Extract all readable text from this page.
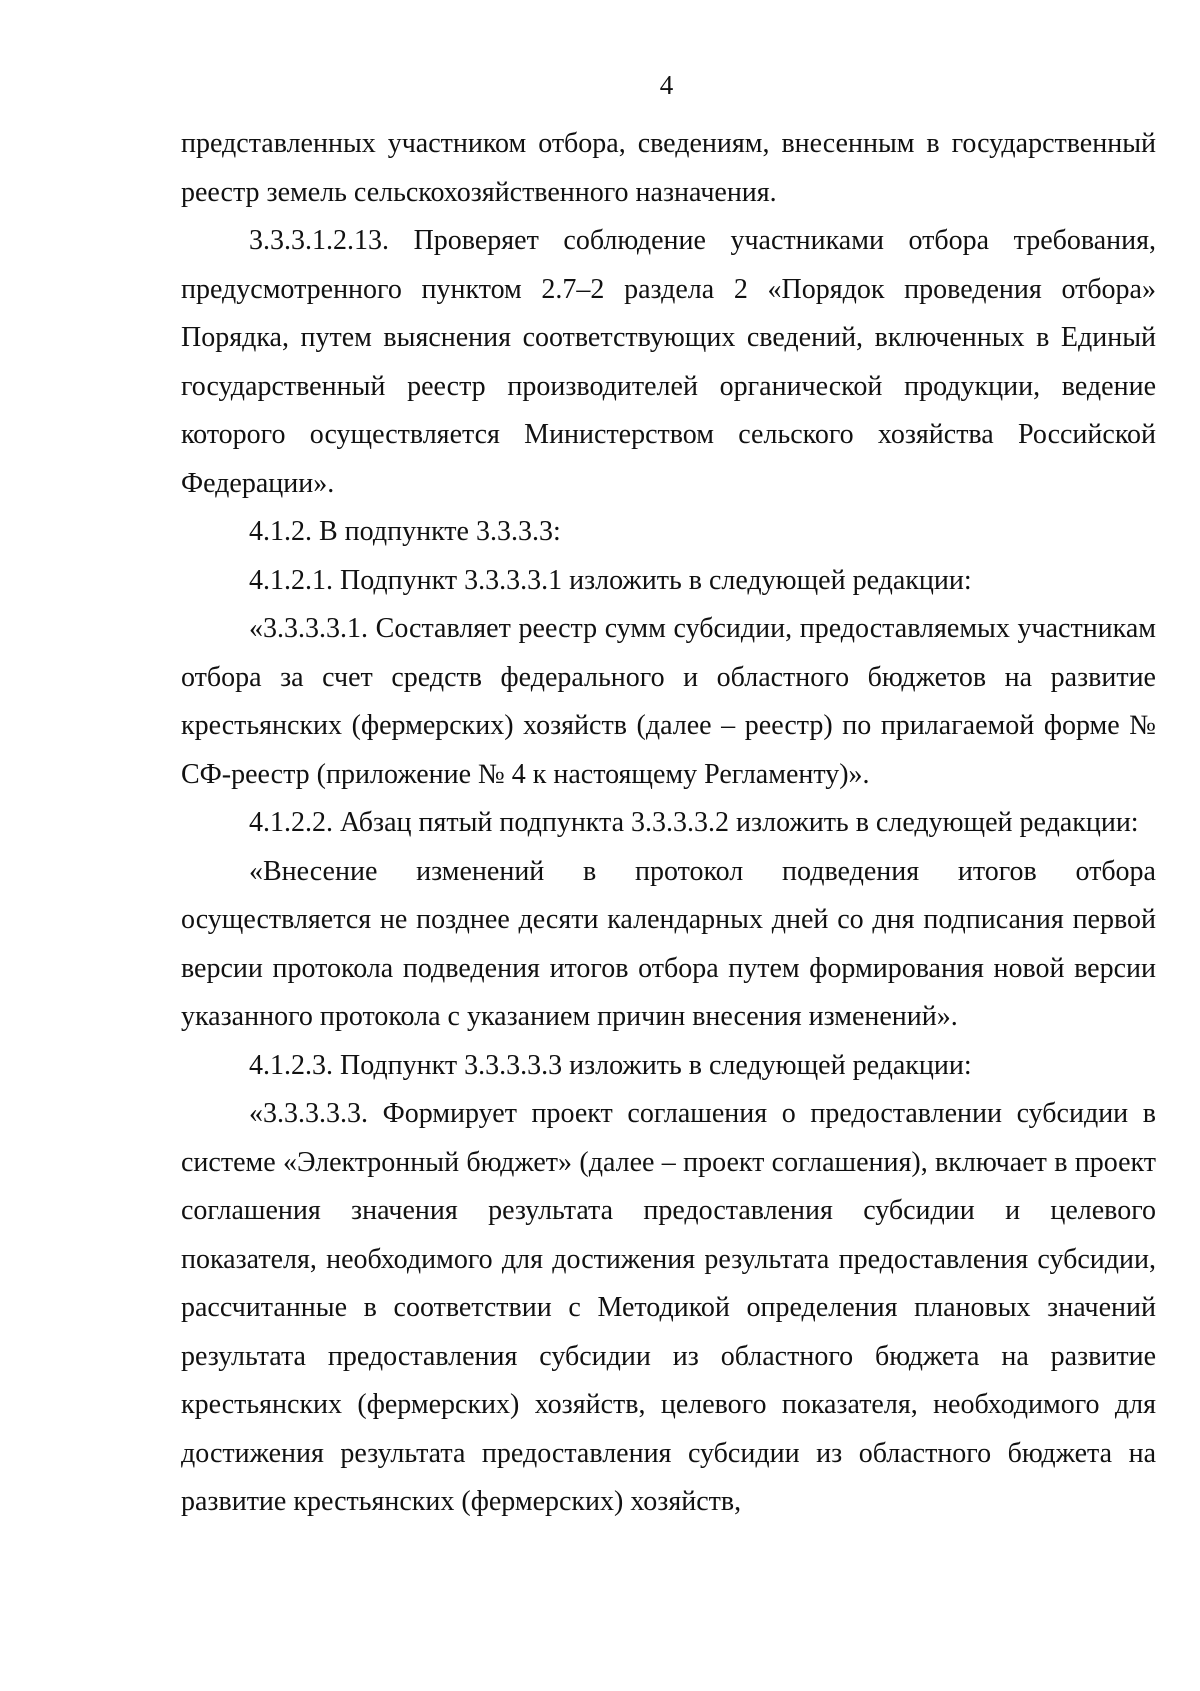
4

представленных участником отбора, сведениям, внесенным в государственный реестр земель сельскохозяйственного назначения.

3.3.3.1.2.13. Проверяет соблюдение участниками отбора требования, предусмотренного пунктом 2.7–2 раздела 2 «Порядок проведения отбора» Порядка, путем выяснения соответствующих сведений, включенных в Единый государственный реестр производителей органической продукции, ведение которого осуществляется Министерством сельского хозяйства Российской Федерации».

4.1.2. В подпункте 3.3.3.3:

4.1.2.1. Подпункт 3.3.3.3.1 изложить в следующей редакции:

«3.3.3.3.1. Составляет реестр сумм субсидии, предоставляемых участникам отбора за счет средств федерального и областного бюджетов на развитие крестьянских (фермерских) хозяйств (далее – реестр) по прилагаемой форме № СФ-реестр (приложение № 4 к настоящему Регламенту)».

4.1.2.2. Абзац пятый подпункта 3.3.3.3.2 изложить в следующей редакции:

«Внесение изменений в протокол подведения итогов отбора осуществляется не позднее десяти календарных дней со дня подписания первой версии протокола подведения итогов отбора путем формирования новой версии указанного протокола с указанием причин внесения изменений».

4.1.2.3. Подпункт 3.3.3.3.3 изложить в следующей редакции:

«3.3.3.3.3. Формирует проект соглашения о предоставлении субсидии в системе «Электронный бюджет» (далее – проект соглашения), включает в проект соглашения значения результата предоставления субсидии и целевого показателя, необходимого для достижения результата предоставления субсидии, рассчитанные в соответствии с Методикой определения плановых значений результата предоставления субсидии из областного бюджета на развитие крестьянских (фермерских) хозяйств, целевого показателя, необходимого для достижения результата предоставления субсидии из областного бюджета на развитие крестьянских (фермерских) хозяйств,
